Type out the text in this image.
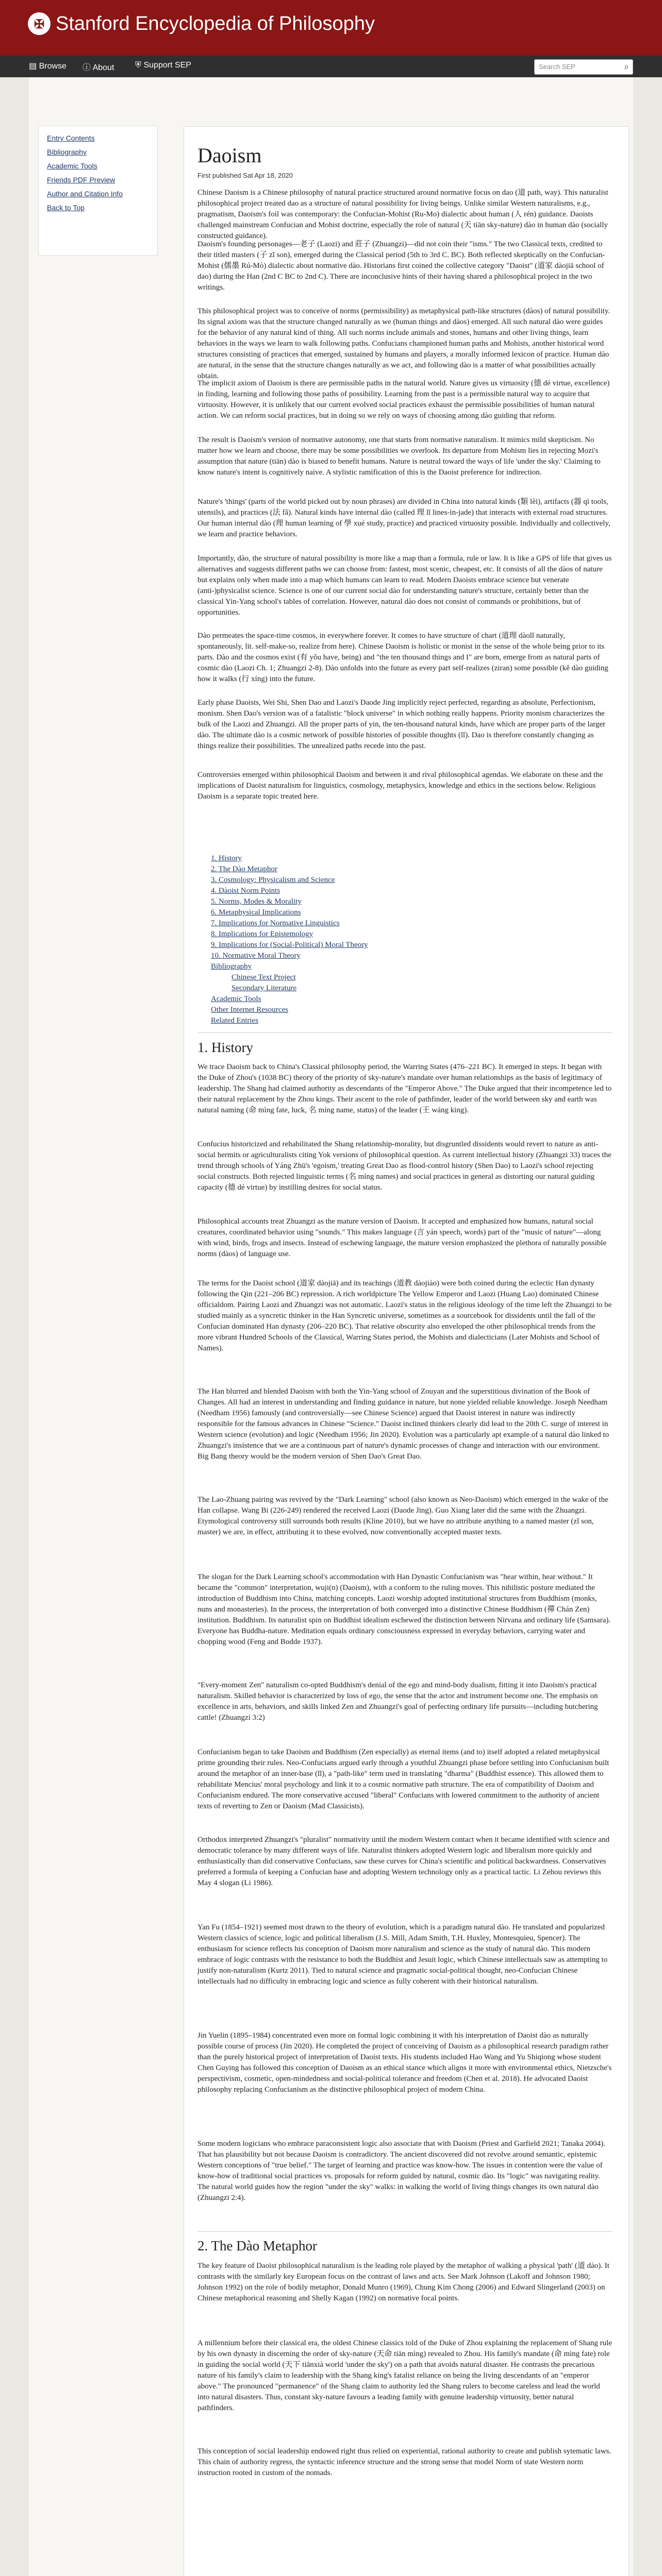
✠ Stanford Encyclopedia of Philosophy
▤ Browse ⓘ About	⛨ Support SEP	Search SEP	⌕
Entry Contents
Bibliography
Academic Tools
Friends PDF Preview
Author and Citation Info
Back to Top
Daoism
First published Sat Apr 18, 2020
Chinese Daoism is a Chinese philosophy of natural practice structured around normative focus on dao (道 path, way). This naturalist philosophical project treated dao as a structure of natural possibility for living beings. Unlike similar Western naturalisms, e.g., pragmatism, Daoism's foil was contemporary: the Confucian-Mohist (Ru-Mo) dialectic about human (人 rén) guidance. Daoists challenged mainstream Confucian and Mohist doctrine, especially the role of natural (天 tiān sky-nature) dào in human dào (socially constructed guidance).
Daoism's founding personages—老子 (Laozi) and 莊子 (Zhuangzi)—did not coin their "isms." The two Classical texts, credited to their titled masters (子 zǐ son), emerged during the Classical period (5th to 3rd C. BC). Both reflected skeptically on the Confucian-Mohist (儒墨 Rú-Mò) dialectic about normative dào. Historians first coined the collective category "Daoist" (道家 dàojiā school of dao) during the Han (2nd C BC to 2nd C). There are inconclusive hints of their having shared a philosophical project in the two writings.
This philosophical project was to conceive of norms (permissibility) as metaphysical path-like structures (dàos) of natural possibility. Its signal axiom was that the structure changed naturally as we (human things and dàos) emerged. All such natural dào were guides for the behavior of any natural kind of thing. All such norms include animals and stones, humans and other living things, learn behaviors in the ways we learn to walk following paths. Confucians championed human paths and Mohists, another historical word structures consisting of practices that emerged, sustained by humans and players, a morally informed lexicon of practice. Human dào are natural, in the sense that the structure changes naturally as we act, and following dào is a matter of what possibilities actually obtain.
The implicit axiom of Daoism is there are permissible paths in the natural world. Nature gives us virtuosity (德 dé virtue, excellence) in finding, learning and following those paths of possibility. Learning from the past is a permissible natural way to acquire that virtuosity. However, it is unlikely that our current evolved social practices exhaust the permissible possibilities of human natural action. We can reform social practices, but in doing so we rely on ways of choosing among dào guiding that reform.
The result is Daoism's version of normative autonomy, one that starts from normative naturalism. It mimics mild skepticism. No matter how we learn and choose, there may be some possibilities we overlook. Its departure from Mohism lies in rejecting Mozi's assumption that nature (tiān) dào is biased to benefit humans. Nature is neutral toward the ways of life 'under the sky.' Claiming to know nature's intent is cognitively naive. A stylistic ramification of this is the Daoist preference for indirection.
Nature's 'things' (parts of the world picked out by noun phrases) are divided in China into natural kinds (類 lèi), artifacts (器 qì tools, utensils), and practices (法 fǎ). Natural kinds have internal dào (called 理 lǐ lines-in-jade) that interacts with external road structures. Our human internal dào (理 human learning of 學 xué study, practice) and practiced virtuosity possible. Individually and collectively, we learn and practice behaviors.
Importantly, dào, the structure of natural possibility is more like a map than a formula, rule or law. It is like a GPS of life that gives us alternatives and suggests different paths we can choose from: fastest, most scenic, cheapest, etc. It consists of all the dàos of nature but explains only when made into a map which humans can learn to read. Modern Daoists embrace science but venerate (anti-)physicalist science. Science is one of our current social dào for understanding nature's structure, certainly better than the classical Yin-Yang school's tables of correlation. However, natural dào does not consist of commands or prohibitions, but of opportunities.
Dào permeates the space-time cosmos, in everywhere forever. It comes to have structure of chart (道理 dàolǐ naturally, spontaneously, lit. self-make-so, realize from here). Chinese Daoism is holistic or monist in the sense of the whole being prior to its parts. Dào and the cosmos exist (有 yǒu have, being) and "the ten thousand things and I" are born, emerge from as natural parts of cosmic dào (Laozi Ch. 1; Zhuangzi 2-8). Dào unfolds into the future as every part self-realizes (ziran) some possible (kě dào guiding how it walks (行 xíng) into the future.
Early phase Daoists, Wei Shi, Shen Dao and Laozi's Daode Jing implicitly reject perfected, regarding as absolute, Perfectionism, monism. Shen Dao's version was of a fatalistic "block universe" in which nothing really happens. Priority monism characterizes the bulk of the Laozi and Zhuangzi. All the proper parts of yin, the ten-thousand natural kinds, have which are proper parts of the larger dào. The ultimate dào is a cosmic network of possible histories of possible thoughts (lǐ). Dao is therefore constantly changing as things realize their possibilities. The unrealized paths recede into the past.
Controversies emerged within philosophical Daoism and between it and rival philosophical agendas. We elaborate on these and the implications of Daoist naturalism for linguistics, cosmology, metaphysics, knowledge and ethics in the sections below. Religious Daoism is a separate topic treated here.
1. History
2. The Dào Metaphor
3. Cosmology: Physicalism and Science
4. Dàoist Norm Points
5. Norms, Modes & Morality
6. Metaphysical Implications
7. Implications for Normative Linguistics
8. Implications for Epistemology
9. Implications for (Social-Political) Moral Theory
10. Normative Moral Theory
Bibliography
Chinese Text Project
Secondary Literature
Academic Tools
Other Internet Resources
Related Entries
1. History
We trace Daoism back to China's Classical philosophy period, the Warring States (476–221 BC). It emerged in steps. It began with the Duke of Zhou's (1038 BC) theory of the priority of sky-nature's mandate over human relationships as the basis of legitimacy of leadership. The Shang had claimed authority as descendants of the "Emperor Above." The Duke argued that their incompetence led to their natural replacement by the Zhou kings. Their ascent to the role of pathfinder, leader of the world between sky and earth was natural naming (命 mìng fate, luck, 名 míng name, status) of the leader (王 wáng king).
Confucius historicized and rehabilitated the Shang relationship-morality, but disgruntled dissidents would revert to nature as anti-social hermits or agriculturalists citing Yok versions of philosophical question. As current intellectual history (Zhuangzi 33) traces the trend through schools of Yáng Zhū's 'egoism,' treating Great Dao as flood-control history (Shen Dao) to Laozi's school rejecting social constructs. Both rejected linguistic terms (名 míng names) and social practices in general as distorting our natural guiding capacity (德 dé virtue) by instilling desires for social status.
Philosophical accounts treat Zhuangzi as the mature version of Daoism. It accepted and emphasized how humans, natural social creatures, coordinated behavior using "sounds." This makes language (言 yán speech, words) part of the "music of nature"—along with wind, birds, frogs and insects. Instead of eschewing language, the mature version emphasized the plethora of naturally possible norms (dàos) of language use.
The terms for the Daoist school (道家 dàojiā) and its teachings (道教 dàojiào) were both coined during the eclectic Han dynasty following the Qin (221–206 BC) repression. A rich worldpicture The Yellow Emperor and Laozi (Huang Lao) dominated Chinese officialdom. Pairing Laozi and Zhuangzi was not automatic. Laozi's status in the religious ideology of the time left the Zhuangzi to be studied mainly as a syncretic thinker in the Han Syncretic universe, sometimes as a sourcebook for dissidents until the fall of the Confucian dominated Han dynasty (206–220 BC). That relative obscurity also enveloped the other philosophical trends from the more vibrant Hundred Schools of the Classical, Warring States period, the Mohists and dialecticians (Later Mohists and School of Names).
The Han blurred and blended Daoism with both the Yin-Yang school of Zouyan and the superstitious divination of the Book of Changes. All had an interest in understanding and finding guidance in nature, but none yielded reliable knowledge. Joseph Needham (Needham 1956) famously (and controversially—see Chinese Science) argued that Daoist interest in nature was indirectly responsible for the famous advances in Chinese "Science." Daoist inclined thinkers clearly did lead to the 20th C. surge of interest in Western science (evolution) and logic (Needham 1956; Jin 2020). Evolution was a particularly apt example of a natural dào linked to Zhuangzi's insistence that we are a continuous part of nature's dynamic processes of change and interaction with our environment. Big Bang theory would be the modern version of Shen Dao's Great Dao.
The Lao-Zhuang pairing was revived by the "Dark Learning" school (also known as Neo-Daoism) which emerged in the wake of the Han collapse. Wang Bi (226-249) rendered the received Laozi (Daode Jing). Guo Xiang later did the same with the Zhuangzi. Etymological controversy still surrounds both results (Kline 2010), but we have no attribute anything to a named master (zǐ son, master) we are, in effect, attributing it to these evolved, now conventionally accepted master texts.
The slogan for the Dark Learning school's accommodation with Han Dynastic Confucianism was "hear within, hear without." It became the "common" interpretation, wuji(n) (Daoism), with a conform to the ruling moves. This nihilistic posture mediated the introduction of Buddhism into China, matching concepts. Laozi worship adopted institutional structures from Buddhism (monks, nuns and monasteries). In the process, the interpretation of both converged into a distinctive Chinese Buddhism (禪 Chán Zen) institution. Buddhism. Its naturalist spin on Buddhist idealism eschewed the distinction between Nirvana and ordinary life (Samsara). Everyone has Buddha-nature. Meditation equals ordinary consciousness expressed in everyday behaviors, carrying water and chopping wood (Feng and Bodde 1937).
"Every-moment Zen" naturalism co-opted Buddhism's denial of the ego and mind-body dualism, fitting it into Daoism's practical naturalism. Skilled behavior is characterized by loss of ego, the sense that the actor and instrument become one. The emphasis on excellence in arts, behaviors, and skills linked Zen and Zhuangzi's goal of perfecting ordinary life pursuits—including butchering cattle! (Zhuangzi 3:2)
Confucianism began to take Daoism and Buddhism (Zen especially) as eternal items (and to) itself adopted a related metaphysical prime grounding their rules. Neo-Confucians argued early through a youthful Zhuangzi phase before settling into Confucianism built around the metaphor of an inner-base (lǐ), a "path-like" term used in translating "dharma" (Buddhist essence). This allowed them to rehabilitate Mencius' moral psychology and link it to a cosmic normative path structure. The era of compatibility of Daoism and Confucianism endured. The more conservative accused "liberal" Confucians with lowered commitment to the authority of ancient texts of reverting to Zen or Daoism (Mad Classicists).
Orthodox interpreted Zhuangzi's "pluralist" normativity until the modern Western contact when it became identified with science and democratic tolerance by many different ways of life. Naturalist thinkers adopted Western logic and liberalism more quickly and enthusiastically than did conservative Confucians, saw these curves for China's scientific and political backwardness. Conservatives preferred a formula of keeping a Confucian base and adopting Western technology only as a practical tactic. Li Zehou reviews this May 4 slogan (Li 1986).
Yan Fu (1854–1921) seemed most drawn to the theory of evolution, which is a paradigm natural dào. He translated and popularized Western classics of science, logic and political liberalism (J.S. Mill, Adam Smith, T.H. Huxley, Montesquieu, Spencer). The enthusiasm for science reflects his conception of Daoism more naturalism and science as the study of natural dào. This modern embrace of logic contrasts with the resistance to both the Buddhist and Jesuit logic, which Chinese intellectuals saw as attempting to justify non-naturalism (Kurtz 2011). Tied to natural science and pragmatic social-political thought, neo-Confucian Chinese intellectuals had no difficulty in embracing logic and science as fully coherent with their historical naturalism.
Jin Yuelin (1895–1984) concentrated even more on formal logic combining it with his interpretation of Daoist dào as naturally possible course of process (Jin 2020). He completed the project of conceiving of Daoism as a philosophical research paradigm rather than the purely historical project of interpretation of Daoist texts. His students included Hao Wang and Yu Shiqiong whose student Chen Guying has followed this conception of Daoism as an ethical stance which aligns it more with environmental ethics, Nietzsche's perspectivism, cosmetic, open-mindedness and social-political tolerance and freedom (Chen et al. 2018). He advocated Daoist philosophy replacing Confucianism as the distinctive philosophical project of modern China.
Some modern logicians who embrace paraconsistent logic also associate that with Daoism (Priest and Garfield 2021; Tanaka 2004). That has plausibility but not because Daoism is contradictory. The ancient discovered did not revolve around semantic, epistemic Western conceptions of "true belief." The target of learning and practice was know-how. The issues in contention were the value of know-how of traditional social practices vs. proposals for reform guided by natural, cosmic dào. Its "logic" was navigating reality. The natural world guides how the region "under the sky" walks: in walking the world of living things changes its own natural dào (Zhuangzi 2:4).
2. The Dào Metaphor
The key feature of Daoist philosophical naturalism is the leading role played by the metaphor of walking a physical 'path' (道 dào). It contrasts with the similarly key European focus on the contrast of laws and acts. See Mark Johnson (Lakoff and Johnson 1980; Johnson 1992) on the role of bodily metaphor, Donald Munro (1969), Chung Kim Chong (2006) and Edward Slingerland (2003) on Chinese metaphorical reasoning and Shelly Kagan (1992) on normative focal points.
A millennium before their classical era, the oldest Chinese classics told of the Duke of Zhou explaining the replacement of Shang rule by his own dynasty in discerning the order of sky-nature (天命 tiān mìng) revealed to Zhou. His family's mandate (命 mìng fate) role in guiding the social world (天下 tiānxià world 'under the sky') on a path that avoids natural disaster. He contrasts the precarious nature of his family's claim to leadership with the Shang king's fatalist reliance on being the living descendants of an "emperor above." The pronounced "permanence" of the Shang claim to authority led the Shang rulers to become careless and lead the world into natural disasters. Thus, constant sky-nature favours a leading family with genuine leadership virtuosity, better natural pathfinders.
This conception of social leadership endowed right thus relied on experiential, rational authority to create and publish sytematic laws. This chain of authority regress, the syntactic inference structure and the strong sense that model Norm of state Western norm instruction rooted in custom of the nomads.
